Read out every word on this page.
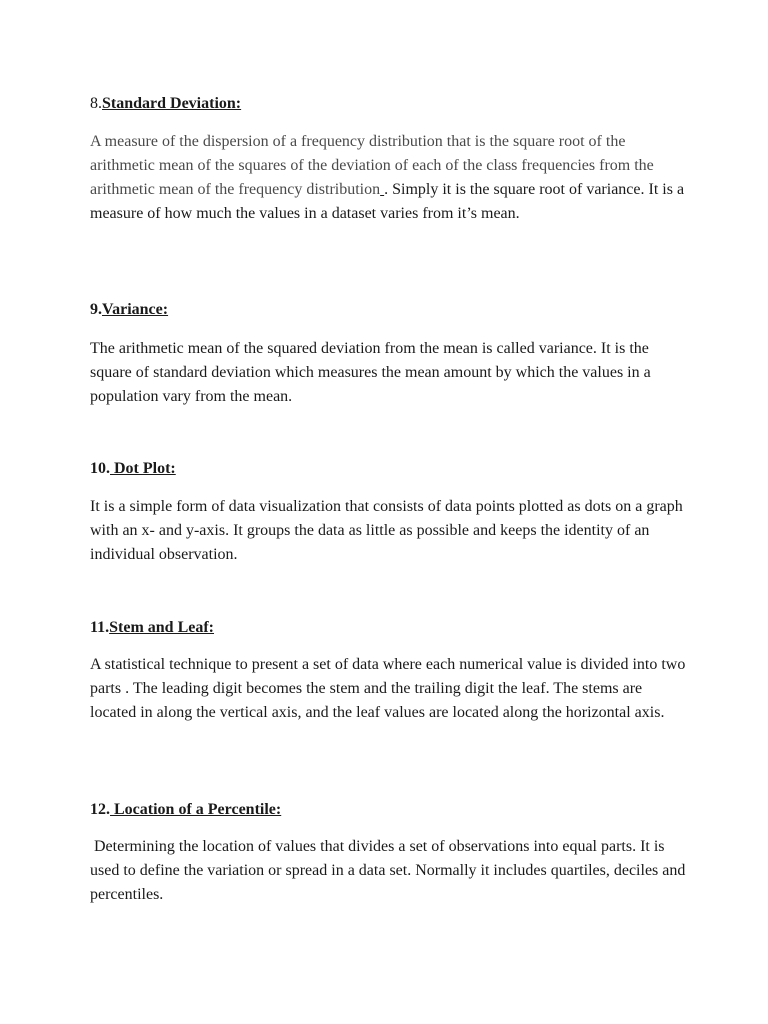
8.Standard Deviation:

A measure of the dispersion of a frequency distribution that is the square root of the arithmetic mean of the squares of the deviation of each of the class frequencies from the arithmetic mean of the frequency distribution . Simply it is the square root of variance. It is a measure of how much the values in a dataset varies from it’s mean.

9.Variance:

The arithmetic mean of the squared deviation from the mean is called variance. It is the square of standard deviation which measures the mean amount by which the values in a population vary from the mean.

10. Dot Plot:

It is a simple form of data visualization that consists of data points plotted as dots on a graph with an x- and y-axis. It groups the data as little as possible and keeps the identity of an individual observation.

11.Stem and Leaf:

A statistical technique to present a set of data where each numerical value is divided into two parts . The leading digit becomes the stem and the trailing digit the leaf. The stems are located in along the vertical axis, and the leaf values are located along the horizontal axis.

12. Location of a Percentile:

Determining the location of values that divides a set of observations into equal parts. It is used to define the variation or spread in a data set. Normally it includes quartiles, deciles and percentiles.
